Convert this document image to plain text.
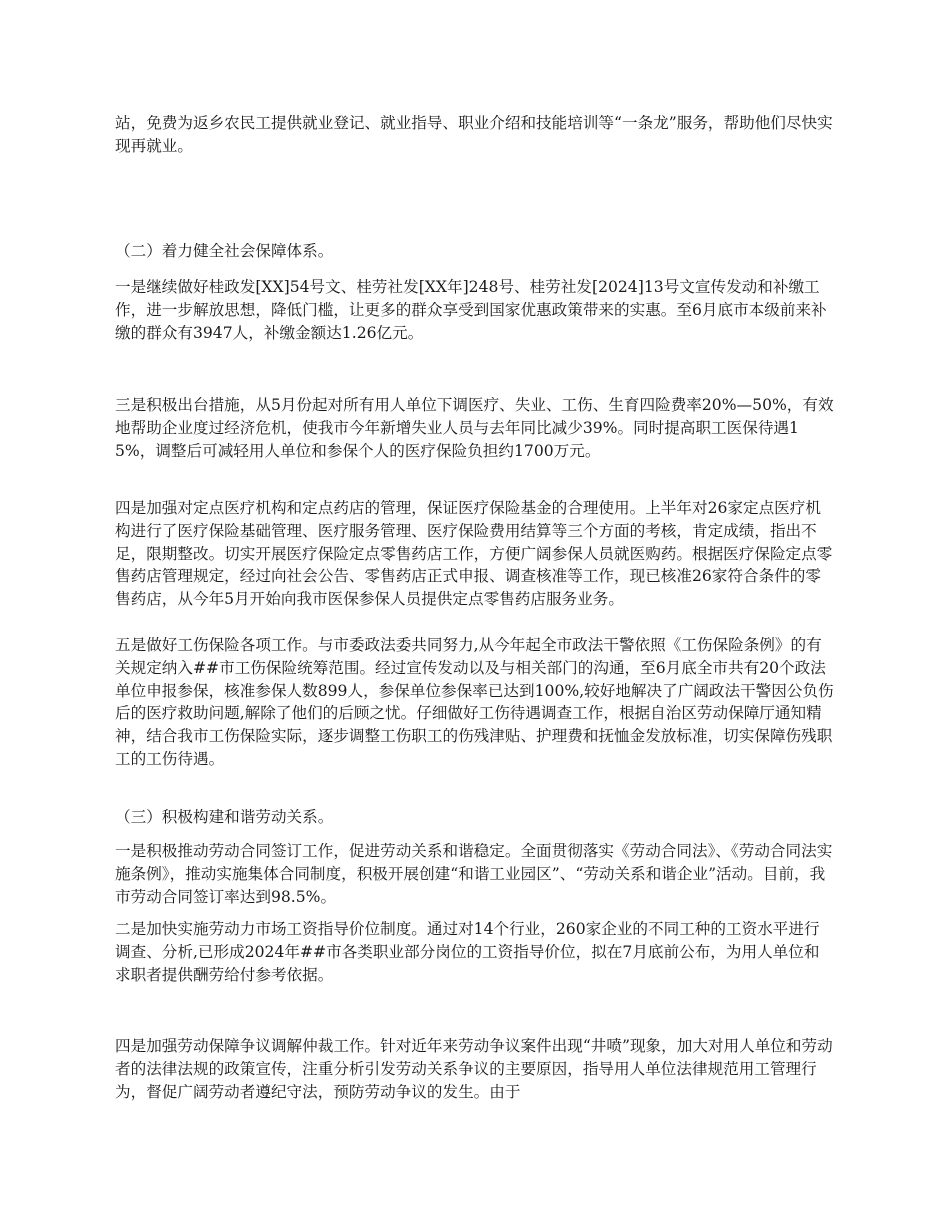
站，免费为返乡农民工提供就业登记、就业指导、职业介绍和技能培训等“一条龙”服务，帮助他们尽快实现再就业。

（二）着力健全社会保障体系。

一是继续做好桂政发[XX]54号文、桂劳社发[XX年]248号、桂劳社发[2024]13号文宣传发动和补缴工作，进一步解放思想，降低门槛，让更多的群众享受到国家优惠政策带来的实惠。至6月底市本级前来补缴的群众有3947人，补缴金额达1.26亿元。

三是积极出台措施，从5月份起对所有用人单位下调医疗、失业、工伤、生育四险费率20%—50%，有效地帮助企业度过经济危机，使我市今年新增失业人员与去年同比减少39%。同时提高职工医保待遇15%，调整后可减轻用人单位和参保个人的医疗保险负担约1700万元。

四是加强对定点医疗机构和定点药店的管理，保证医疗保险基金的合理使用。上半年对26家定点医疗机构进行了医疗保险基础管理、医疗服务管理、医疗保险费用结算等三个方面的考核，肯定成绩，指出不足，限期整改。切实开展医疗保险定点零售药店工作，方便广阔参保人员就医购药。根据医疗保险定点零售药店管理规定，经过向社会公告、零售药店正式申报、调查核准等工作，现已核准26家符合条件的零售药店，从今年5月开始向我市医保参保人员提供定点零售药店服务业务。

五是做好工伤保险各项工作。与市委政法委共同努力,从今年起全市政法干警依照《工伤保险条例》的有关规定纳入##市工伤保险统筹范围。经过宣传发动以及与相关部门的沟通，至6月底全市共有20个政法单位申报参保，核准参保人数899人，参保单位参保率已达到100%,较好地解决了广阔政法干警因公负伤后的医疗救助问题,解除了他们的后顾之忧。仔细做好工伤待遇调查工作，根据自治区劳动保障厅通知精神，结合我市工伤保险实际，逐步调整工伤职工的伤残津贴、护理费和抚恤金发放标准，切实保障伤残职工的工伤待遇。

（三）积极构建和谐劳动关系。

一是积极推动劳动合同签订工作，促进劳动关系和谐稳定。全面贯彻落实《劳动合同法》、《劳动合同法实施条例》，推动实施集体合同制度，积极开展创建“和谐工业园区”、“劳动关系和谐企业”活动。目前，我市劳动合同签订率达到98.5%。

二是加快实施劳动力市场工资指导价位制度。通过对14个行业，260家企业的不同工种的工资水平进行调查、分析,已形成2024年##市各类职业部分岗位的工资指导价位，拟在7月底前公布，为用人单位和求职者提供酬劳给付参考依据。

四是加强劳动保障争议调解仲裁工作。针对近年来劳动争议案件出现“井喷”现象，加大对用人单位和劳动者的法律法规的政策宣传，注重分析引发劳动关系争议的主要原因，指导用人单位法律规范用工管理行为，督促广阔劳动者遵纪守法，预防劳动争议的发生。由于
